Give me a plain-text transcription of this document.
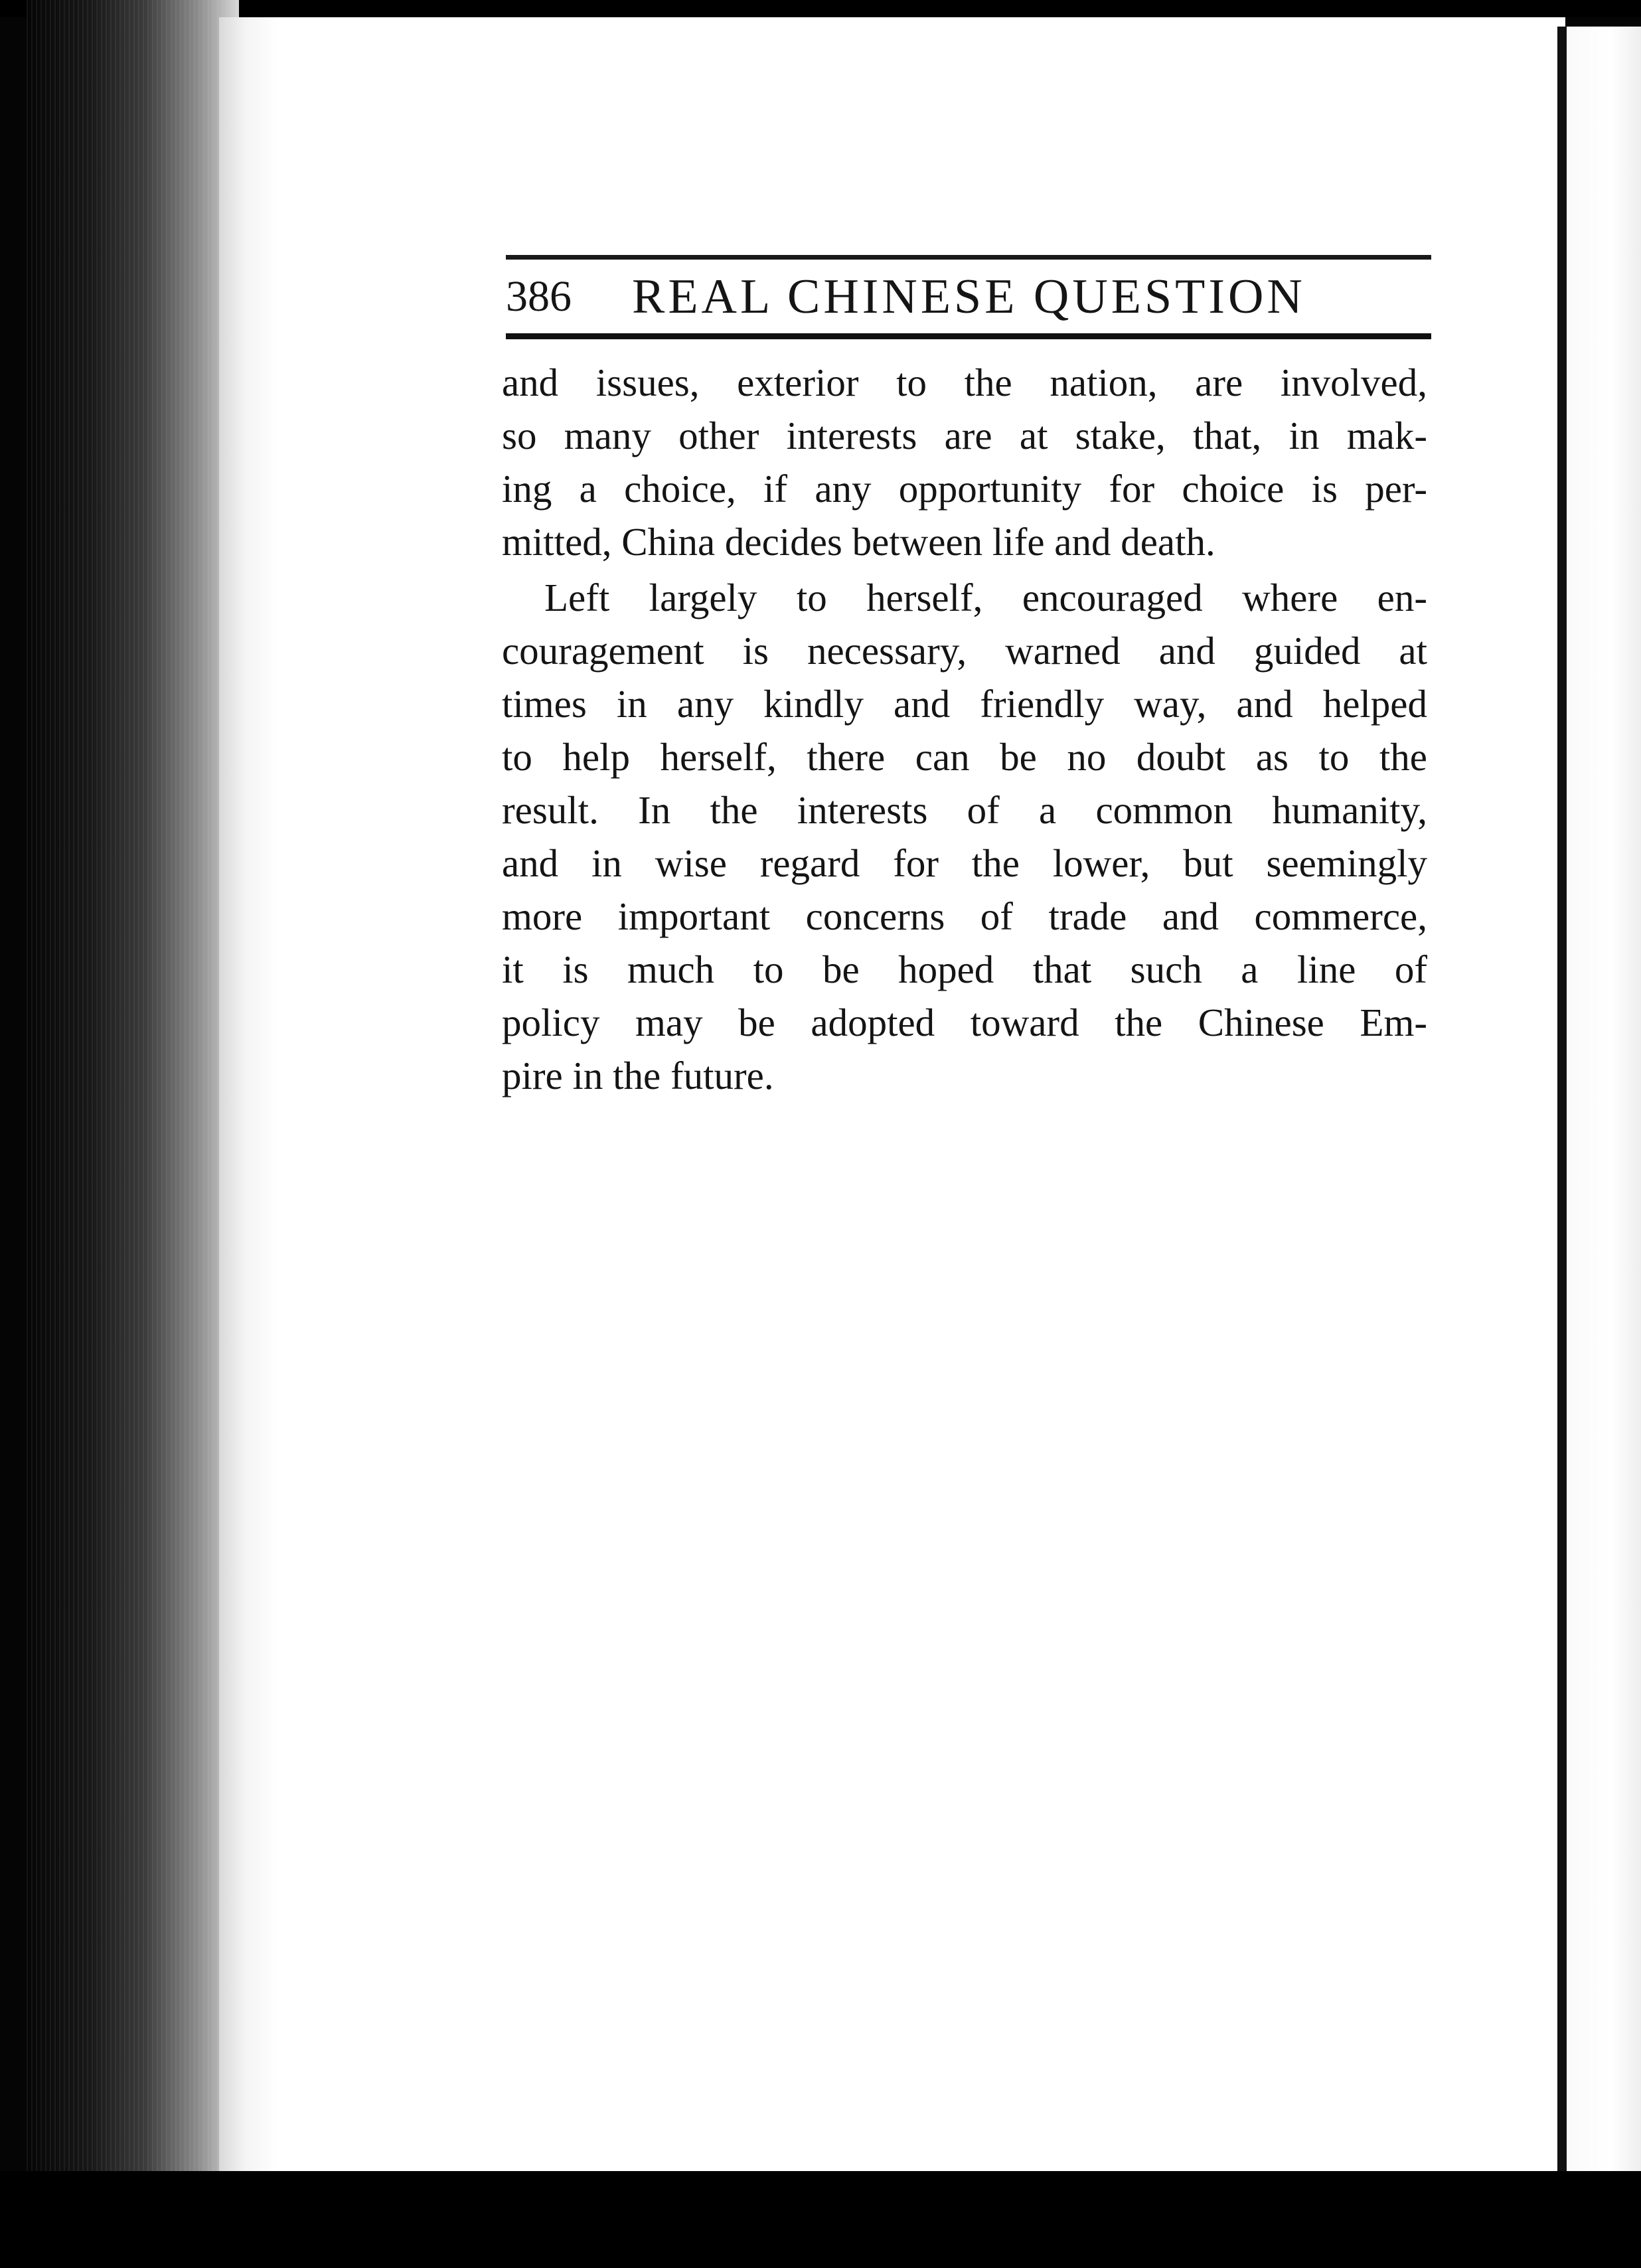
386 REAL CHINESE QUESTION
and issues, exterior to the nation, are involved,
so many other interests are at stake, that, in mak-
ing a choice, if any opportunity for choice is per-
mitted, China decides between life and death.
Left largely to herself, encouraged where en-
couragement is necessary, warned and guided at
times in any kindly and friendly way, and helped
to help herself, there can be no doubt as to the
result. In the interests of a common humanity,
and in wise regard for the lower, but seemingly
more important concerns of trade and commerce,
it is much to be hoped that such a line of
policy may be adopted toward the Chinese Em-
pire in the future.
